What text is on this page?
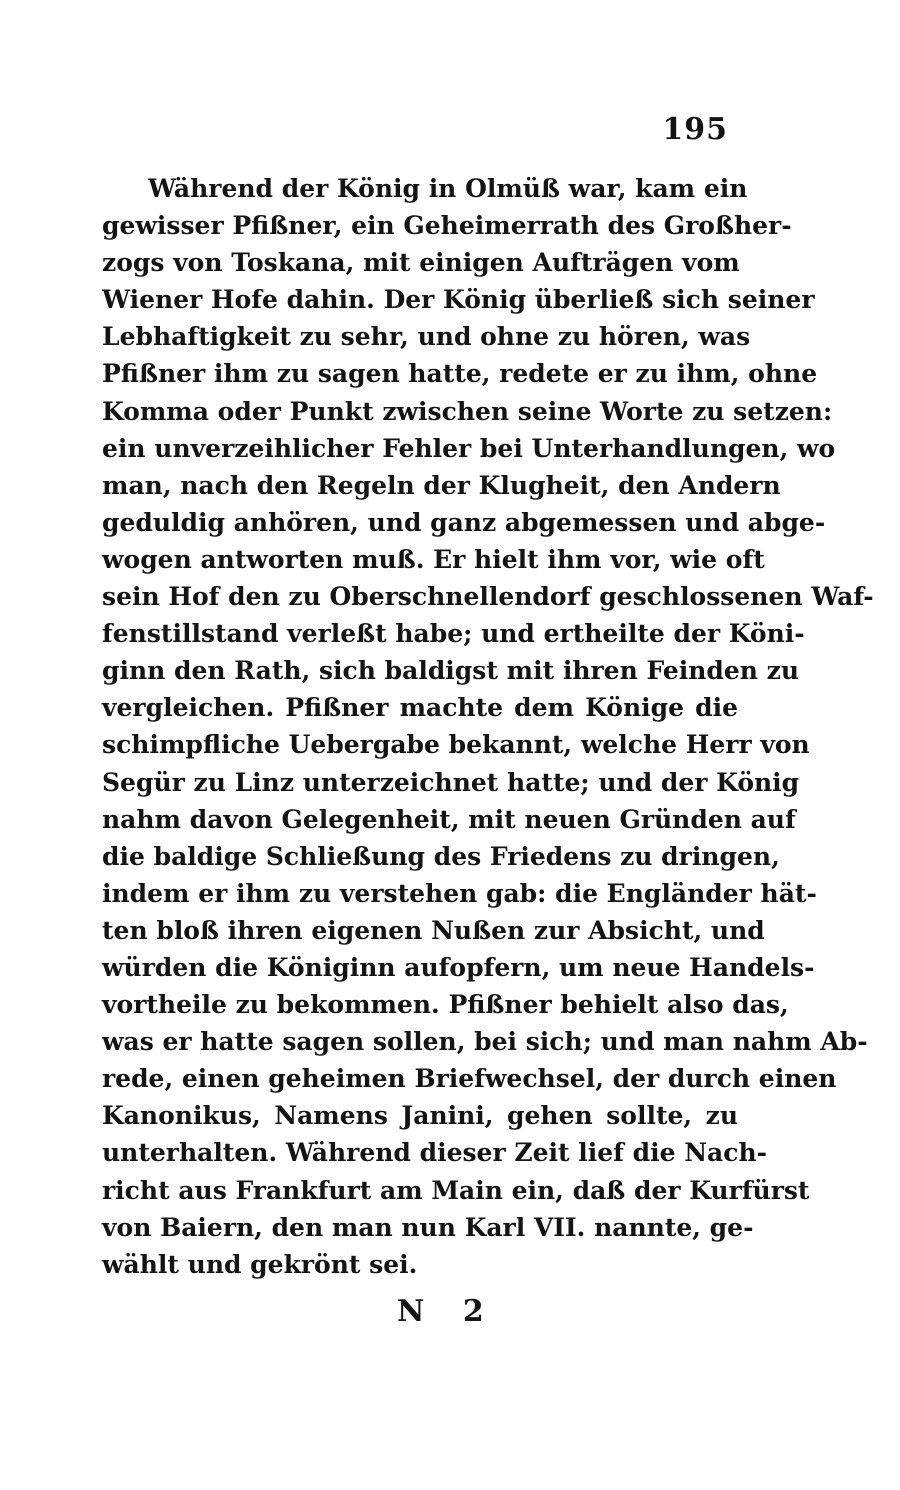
195
Während der König in Olmüß war, kam ein
gewisser Pfißner, ein Geheimerrath des Großher-
zogs von Toskana, mit einigen Aufträgen vom
Wiener Hofe dahin. Der König überließ sich seiner
Lebhaftigkeit zu sehr, und ohne zu hören, was
Pfißner ihm zu sagen hatte, redete er zu ihm, ohne
Komma oder Punkt zwischen seine Worte zu setzen:
ein unverzeihlicher Fehler bei Unterhandlungen, wo
man, nach den Regeln der Klugheit, den Andern
geduldig anhören, und ganz abgemessen und abge-
wogen antworten muß. Er hielt ihm vor, wie oft
sein Hof den zu Oberschnellendorf geschlossenen Waf-
fenstillstand verleßt habe; und ertheilte der Köni-
ginn den Rath, sich baldigst mit ihren Feinden zu
vergleichen. Pfißner machte dem Könige die
schimpfliche Uebergabe bekannt, welche Herr von
Segür zu Linz unterzeichnet hatte; und der König
nahm davon Gelegenheit, mit neuen Gründen auf
die baldige Schließung des Friedens zu dringen,
indem er ihm zu verstehen gab: die Engländer hät-
ten bloß ihren eigenen Nußen zur Absicht, und
würden die Königinn aufopfern, um neue Handels-
vortheile zu bekommen. Pfißner behielt also das,
was er hatte sagen sollen, bei sich; und man nahm Ab-
rede, einen geheimen Briefwechsel, der durch einen
Kanonikus, Namens Janini, gehen sollte, zu
unterhalten. Während dieser Zeit lief die Nach-
richt aus Frankfurt am Main ein, daß der Kurfürst
von Baiern, den man nun Karl VII. nannte, ge-
wählt und gekrönt sei.
N 2
